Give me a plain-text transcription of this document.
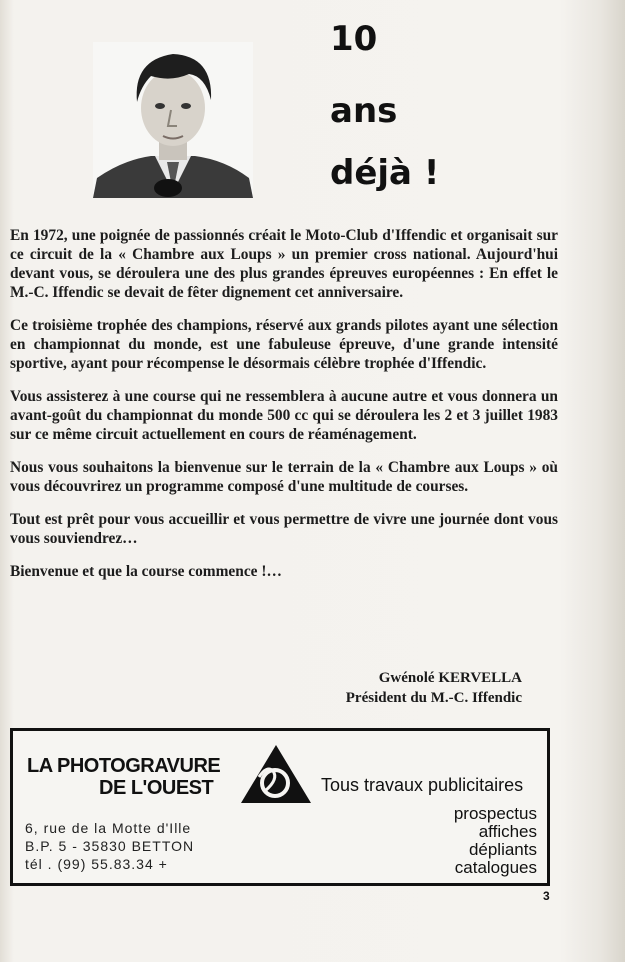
10
ans
déjà !

En 1972, une poignée de passionnés créait le Moto-Club d'Iffendic et organisait sur ce circuit de la « Chambre aux Loups » un premier cross national. Aujourd'hui devant vous, se déroulera une des plus grandes épreuves européennes : En effet le M.-C. Iffendic se devait de fêter dignement cet anniversaire.

Ce troisième trophée des champions, réservé aux grands pilotes ayant une sélection en championnat du monde, est une fabuleuse épreuve, d'une grande intensité sportive, ayant pour récompense le désormais célèbre trophée d'Iffendic.

Vous assisterez à une course qui ne ressemblera à aucune autre et vous donnera un avant-goût du championnat du monde 500 cc qui se déroulera les 2 et 3 juillet 1983 sur ce même circuit actuellement en cours de réaménagement.

Nous vous souhaitons la bienvenue sur le terrain de la « Chambre aux Loups » où vous découvrirez un programme composé d'une multitude de courses.

Tout est prêt pour vous accueillir et vous permettre de vivre une journée dont vous vous souviendrez…

Bienvenue et que la course commence !…

Gwénolé KERVELLA
Président du M.-C. Iffendic
LA PHOTOGRAVURE
DE L'OUEST
6, rue de la Motte d'Ille
B.P. 5 - 35830 BETTON
tél . (99) 55.83.34 +
Tous travaux publicitaires
prospectus
affiches
dépliants
catalogues
3
